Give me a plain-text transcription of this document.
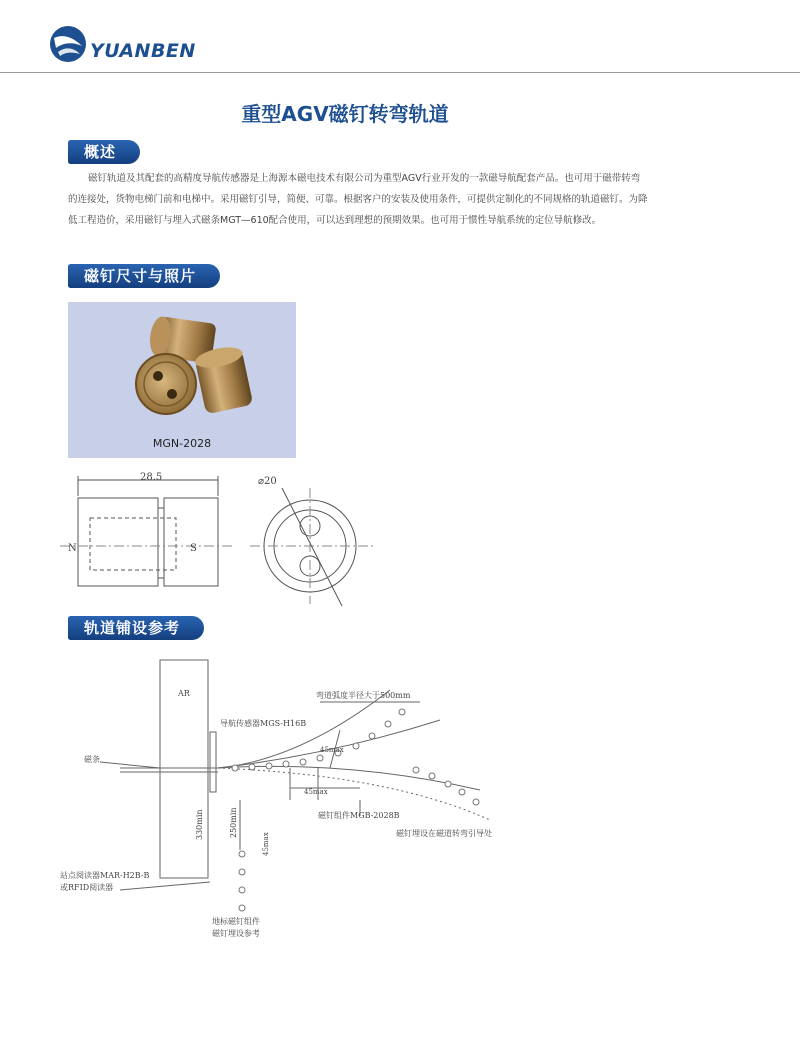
YUANBEN
重型AGV磁钉转弯轨道
概述
磁钉轨道及其配套的高精度导航传感器是上海源本磁电技术有限公司为重型AGV行业开发的一款磁导航配套产品。也可用于磁带转弯的连接处，货物电梯门前和电梯中。采用磁钉引导，简便、可靠。根据客户的安装及使用条件，可提供定制化的不同规格的轨道磁钉。为降低工程造价，采用磁钉与埋入式磁条MGT—610配合使用，可以达到理想的预期效果。也可用于惯性导航系统的定位导航修改。
磁钉尺寸与照片
MGN-2028
28.5
N	S
⌀20
轨道铺设参考
AR	弯道弧度半径大于500mm
导航传感器MGS-H16B
45max
45max
磁条
磁钉组件MGB-2028B
磁钉埋设在磁道转弯引导处
330min	250min
45max
站点阅读器MAR-H2B-B
或RFID阅读器
地标磁钉组件
磁钉埋设参考
